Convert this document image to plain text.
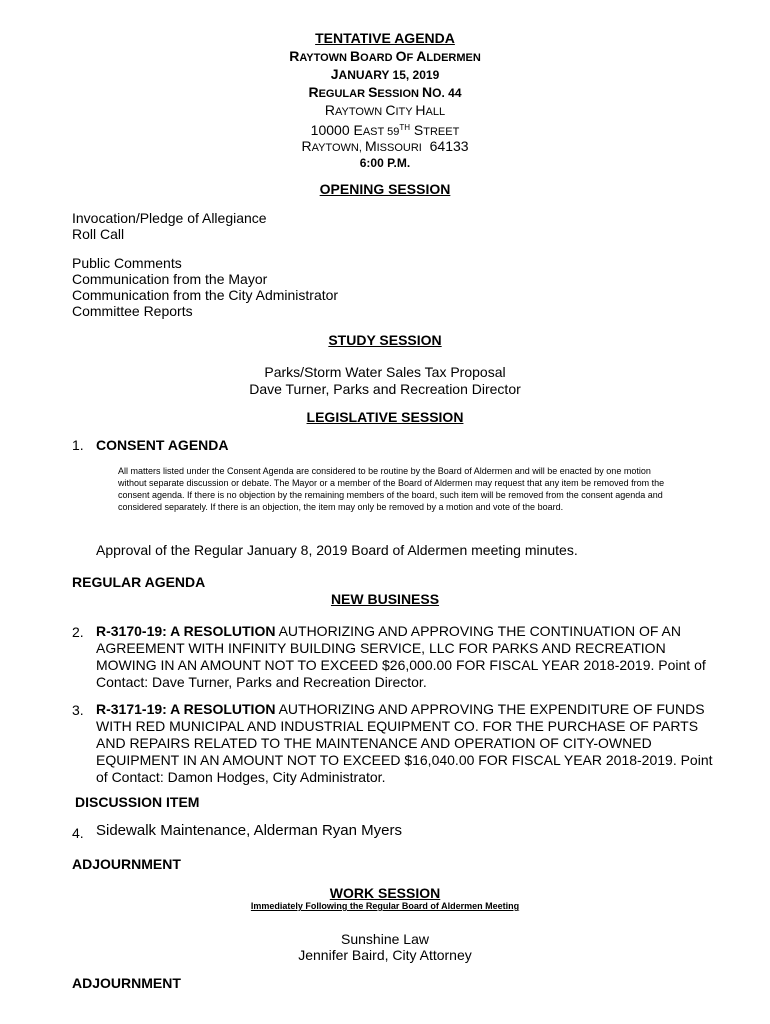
TENTATIVE AGENDA
RAYTOWN BOARD OF ALDERMEN
JANUARY 15, 2019
REGULAR SESSION NO. 44
RAYTOWN CITY HALL
10000 EAST 59TH STREET
RAYTOWN, MISSOURI  64133
6:00 P.M.
OPENING SESSION
Invocation/Pledge of Allegiance
Roll Call
Public Comments
Communication from the Mayor
Communication from the City Administrator
Committee Reports
STUDY SESSION
Parks/Storm Water Sales Tax Proposal
Dave Turner, Parks and Recreation Director
LEGISLATIVE SESSION
1. CONSENT AGENDA
All matters listed under the Consent Agenda are considered to be routine by the Board of Aldermen and will be enacted by one motion without separate discussion or debate. The Mayor or a member of the Board of Aldermen may request that any item be removed from the consent agenda. If there is no objection by the remaining members of the board, such item will be removed from the consent agenda and considered separately. If there is an objection, the item may only be removed by a motion and vote of the board.
Approval of the Regular January 8, 2019 Board of Aldermen meeting minutes.
REGULAR AGENDA
NEW BUSINESS
2. R-3170-19: A RESOLUTION AUTHORIZING AND APPROVING THE CONTINUATION OF AN AGREEMENT WITH INFINITY BUILDING SERVICE, LLC FOR PARKS AND RECREATION MOWING IN AN AMOUNT NOT TO EXCEED $26,000.00 FOR FISCAL YEAR 2018-2019. Point of Contact: Dave Turner, Parks and Recreation Director.
3. R-3171-19: A RESOLUTION AUTHORIZING AND APPROVING THE EXPENDITURE OF FUNDS WITH RED MUNICIPAL AND INDUSTRIAL EQUIPMENT CO. FOR THE PURCHASE OF PARTS AND REPAIRS RELATED TO THE MAINTENANCE AND OPERATION OF CITY-OWNED EQUIPMENT IN AN AMOUNT NOT TO EXCEED $16,040.00 FOR FISCAL YEAR 2018-2019. Point of Contact: Damon Hodges, City Administrator.
DISCUSSION ITEM
4. Sidewalk Maintenance, Alderman Ryan Myers
ADJOURNMENT
WORK SESSION
Immediately Following the Regular Board of Aldermen Meeting
Sunshine Law
Jennifer Baird, City Attorney
ADJOURNMENT
